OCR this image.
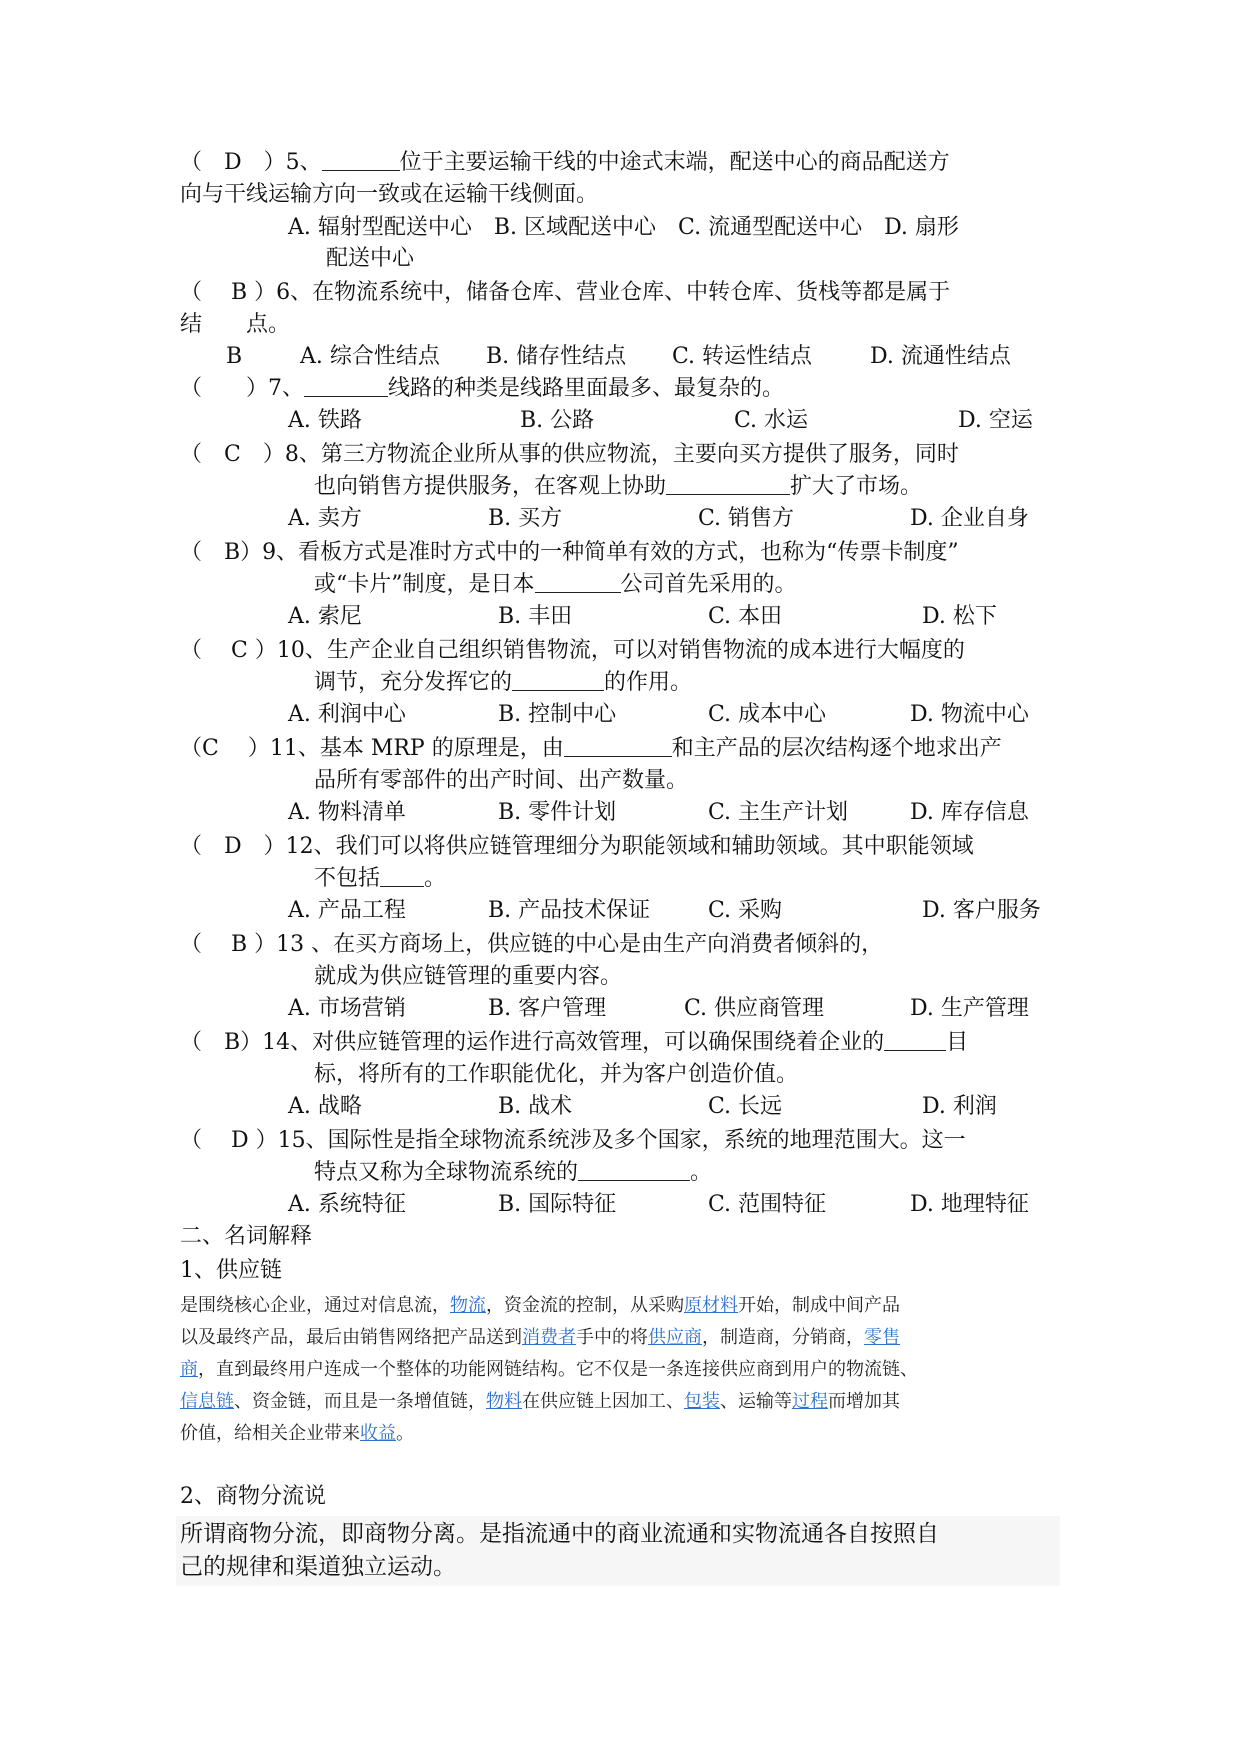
（　D　）5、	位于主要运输干线的中途式末端，配送中心的商品配送方
向与干线运输方向一致或在运输干线侧面。
A. 辐射型配送中心　B. 区域配送中心　C. 流通型配送中心　D. 扇形
配送中心
（　 B ）6、在物流系统中，储备仓库、营业仓库、中转仓库、货栈等都是属于
结　　点。
B	A. 综合性结点 B. 储存性结点 C. 转运性结点	D. 流通性结点
（　　）7、	线路的种类是线路里面最多、最复杂的。
A. 铁路	B. 公路	C. 水运	D. 空运
（　C　）8、第三方物流企业所从事的供应物流，主要向买方提供了服务，同时
也向销售方提供服务，在客观上协助	扩大了市场。
A. 卖方	B. 买方	C. 销售方	D. 企业自身
（　B）9、看板方式是准时方式中的一种简单有效的方式，也称为“传票卡制度”
或“卡片”制度，是日本	公司首先采用的。
A. 索尼	B. 丰田	C. 本田	D. 松下
（　 C ）10、生产企业自己组织销售物流，可以对销售物流的成本进行大幅度的
调节，充分发挥它的	的作用。
A. 利润中心	B. 控制中心	C. 成本中心	D. 物流中心
（C　 ）11、基本 MRP 的原理是，由	和主产品的层次结构逐个地求出产
品所有零部件的出产时间、出产数量。
A. 物料清单	B. 零件计划	C. 主生产计划	D. 库存信息
（　D　）12、我们可以将供应链管理细分为职能领域和辅助领域。其中职能领域
不包括 。
A. 产品工程	B. 产品技术保证	C. 采购	D. 客户服务
（　 B ）13 、在买方商场上，供应链的中心是由生产向消费者倾斜的，
就成为供应链管理的重要内容。
A. 市场营销	B. 客户管理	C. 供应商管理	D. 生产管理
（　B）14、对供应链管理的运作进行高效管理，可以确保围绕着企业的	目
标，将所有的工作职能优化，并为客户创造价值。
A. 战略	B. 战术	C. 长远	D. 利润
（　 D ）15、国际性是指全球物流系统涉及多个国家，系统的地理范围大。这一
特点又称为全球物流系统的	。
A. 系统特征	B. 国际特征	C. 范围特征	D. 地理特征
二、名词解释
1、供应链
是围绕核心企业，通过对信息流，物流，资金流的控制，从采购原材料开始，制成中间产品
以及最终产品，最后由销售网络把产品送到消费者手中的将供应商，制造商，分销商，零售
商，直到最终用户连成一个整体的功能网链结构。它不仅是一条连接供应商到用户的物流链、
信息链、资金链，而且是一条增值链，物料在供应链上因加工、包装、运输等过程而增加其
价值，给相关企业带来收益。
2、商物分流说
所谓商物分流，即商物分离。是指流通中的商业流通和实物流通各自按照自
己的规律和渠道独立运动。
